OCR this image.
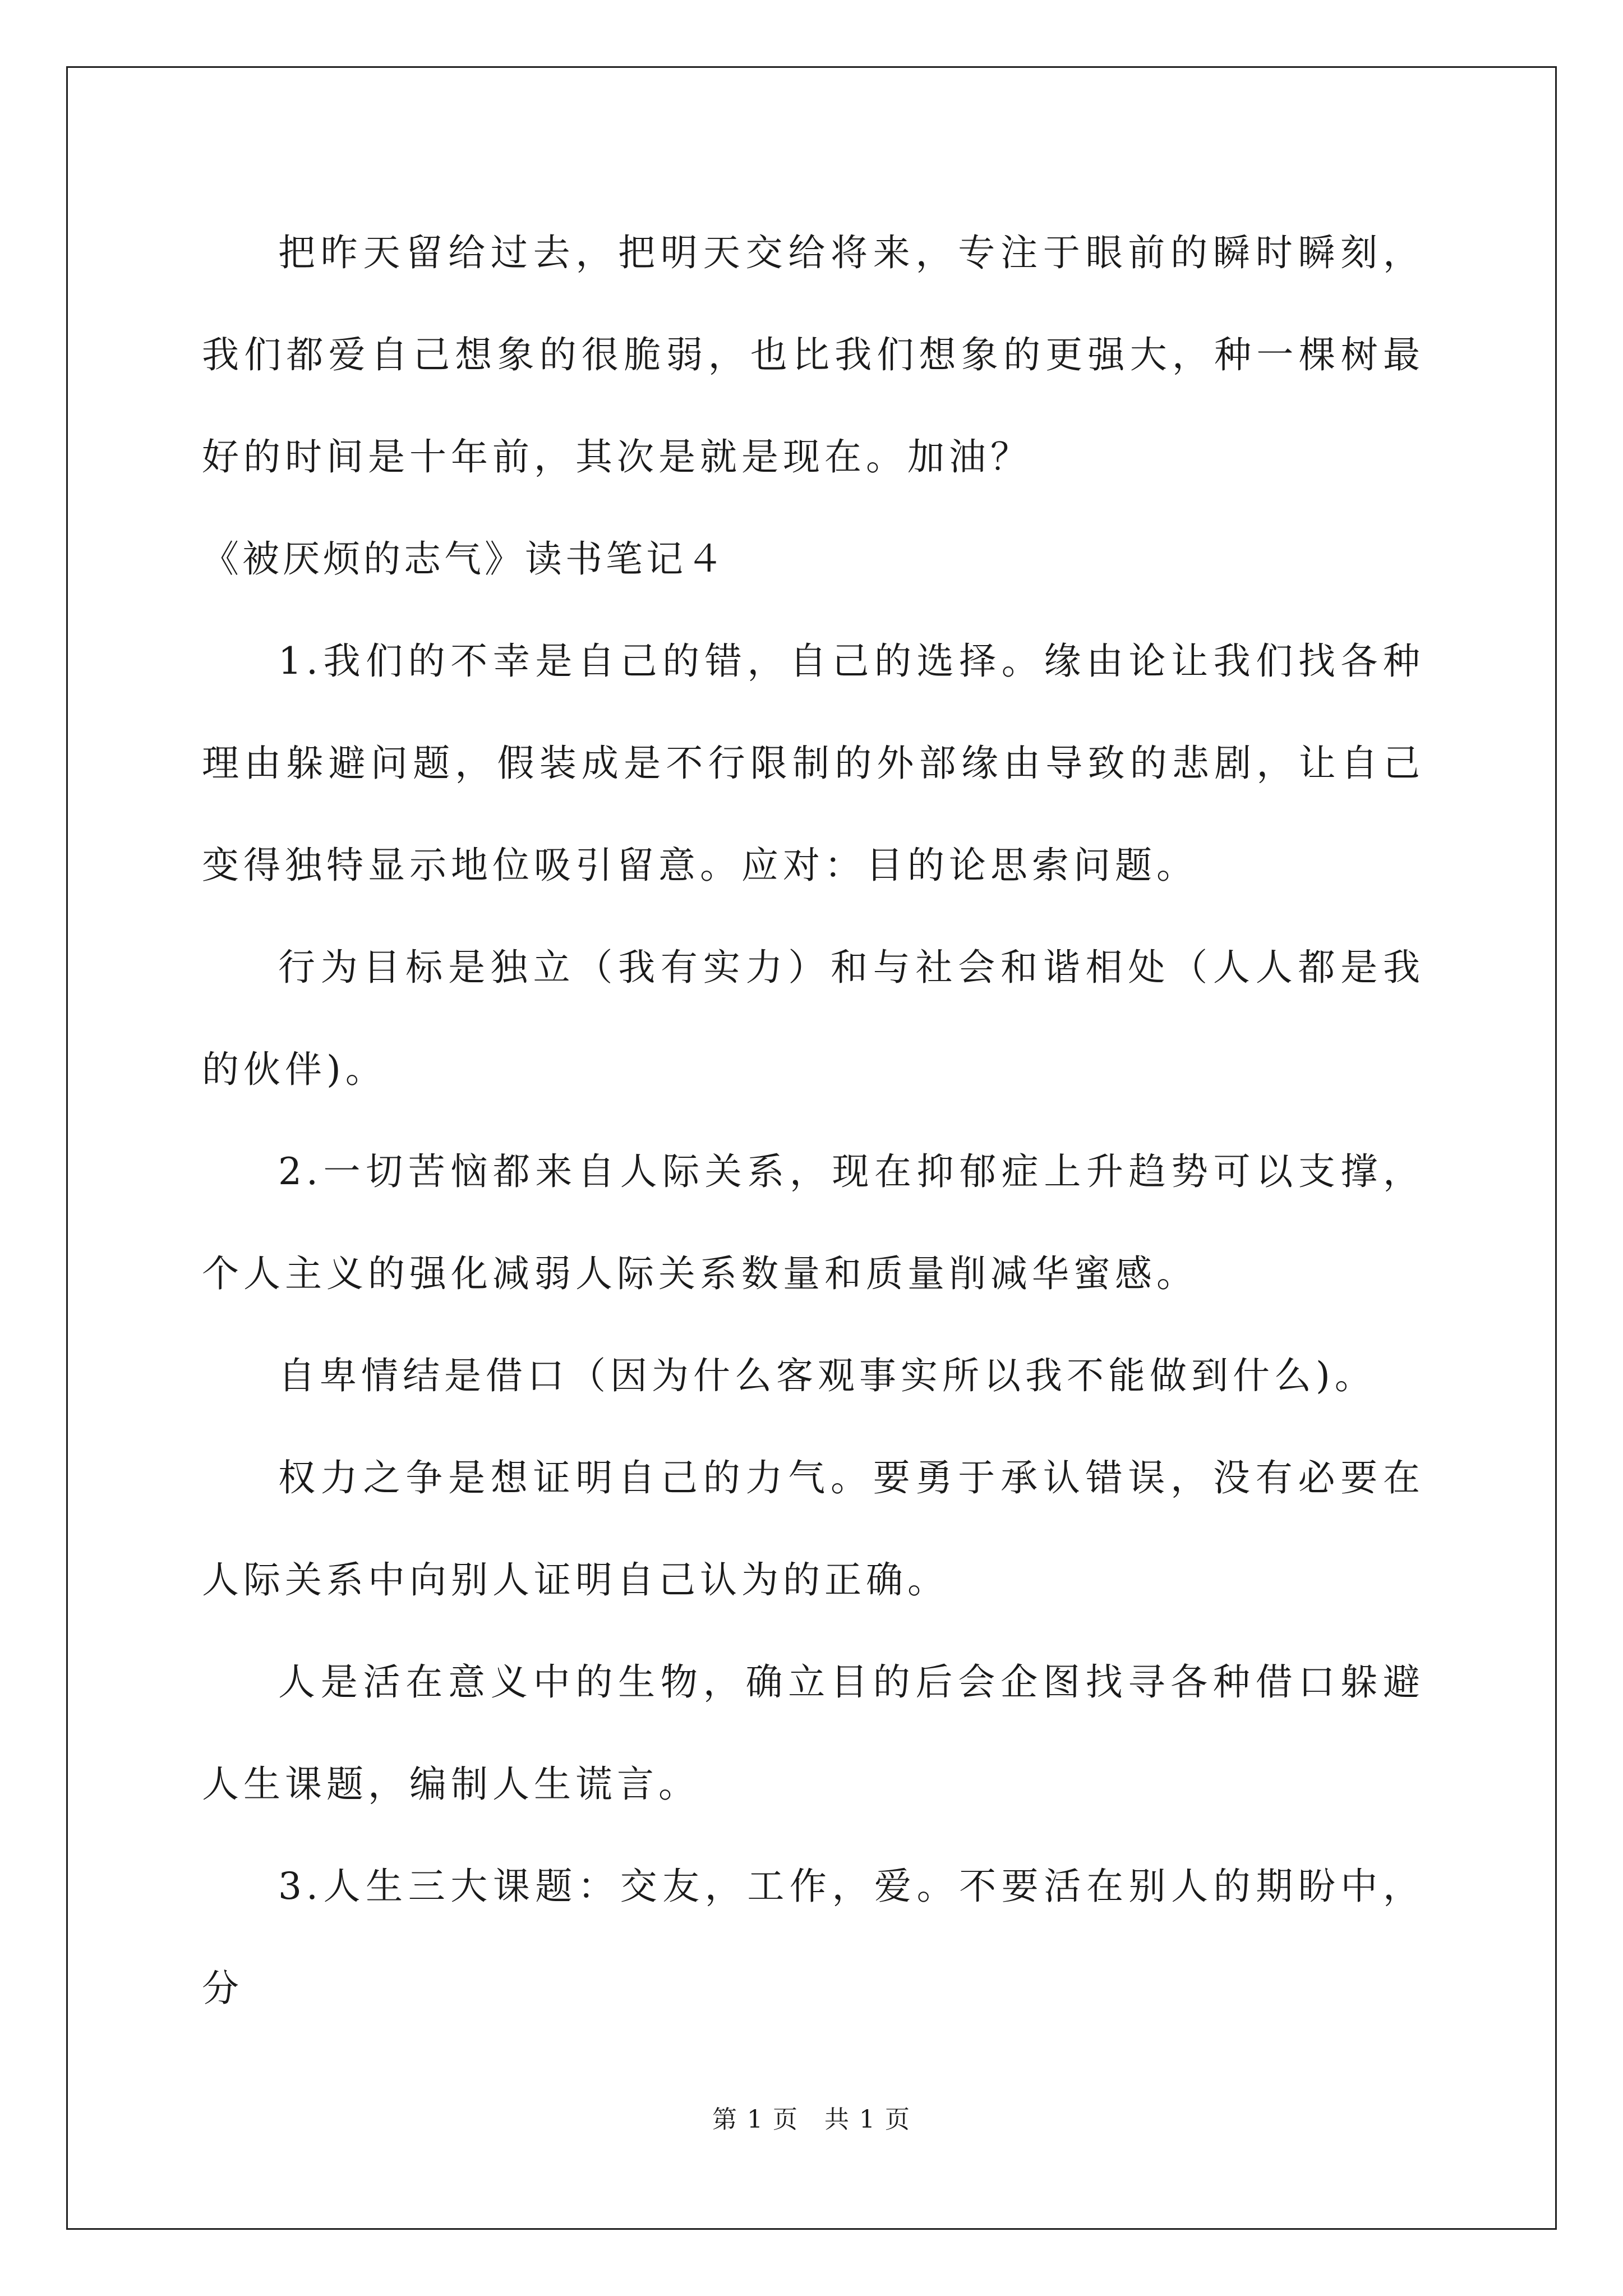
把昨天留给过去，把明天交给将来，专注于眼前的瞬时瞬刻，我们都爱自己想象的很脆弱，也比我们想象的更强大，种一棵树最好的时间是十年前，其次是就是现在。加油？

《被厌烦的志气》读书笔记４

1.我们的不幸是自己的错，自己的选择。缘由论让我们找各种理由躲避问题，假装成是不行限制的外部缘由导致的悲剧，让自己变得独特显示地位吸引留意。应对：目的论思索问题。

行为目标是独立（我有实力）和与社会和谐相处（人人都是我的伙伴)。

2.一切苦恼都来自人际关系，现在抑郁症上升趋势可以支撑，个人主义的强化减弱人际关系数量和质量削减华蜜感。

自卑情结是借口（因为什么客观事实所以我不能做到什么)。

权力之争是想证明自己的力气。要勇于承认错误，没有必要在人际关系中向别人证明自己认为的正确。

人是活在意义中的生物，确立目的后会企图找寻各种借口躲避人生课题，编制人生谎言。

3.人生三大课题：交友，工作，爱。不要活在别人的期盼中，分

第 1 页　共 1 页
